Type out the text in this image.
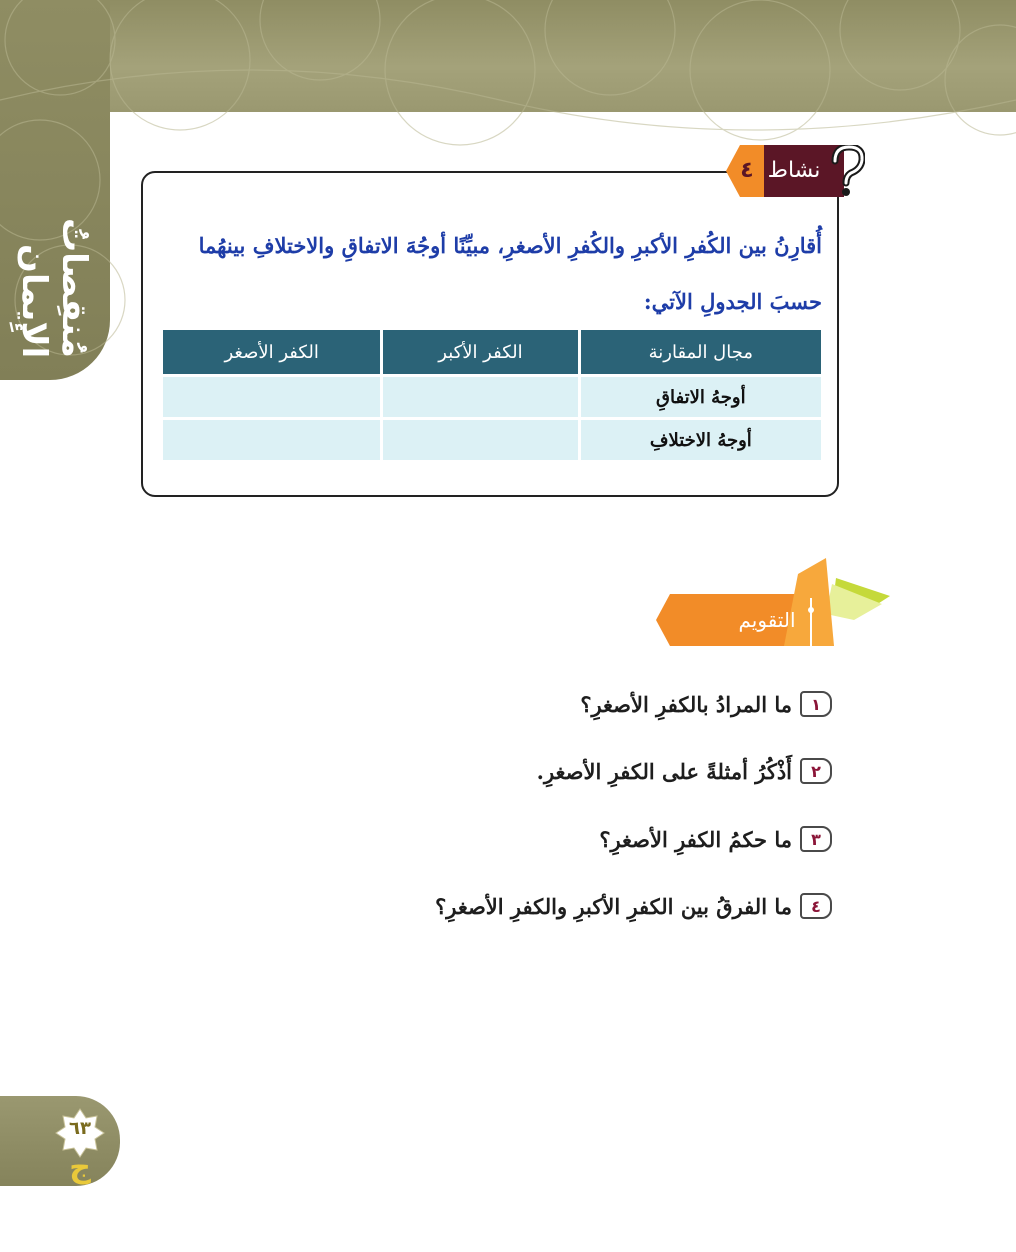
مُنقِصاتُ الإِيمان
٤ نشاط
أُقارِنُ بين الكُفرِ الأكبرِ والكُفرِ الأصغرِ، مبيِّنًا أوجُهَ الاتفاقِ والاختلافِ بينهُما حسبَ الجدولِ الآتي:
مجال المقارنة	الكفر الأكبر	الكفر الأصغر
أوجهُ الاتفاقِ		
أوجهُ الاختلافِ		
التقويم
١
ما المرادُ بالكفرِ الأصغرِ؟
٢
أَذْكُرُ أمثلةً على الكفرِ الأصغرِ.
٣
ما حكمُ الكفرِ الأصغرِ؟
٤
ما الفرقُ بين الكفرِ الأكبرِ والكفرِ الأصغرِ؟
٦٣
ج
